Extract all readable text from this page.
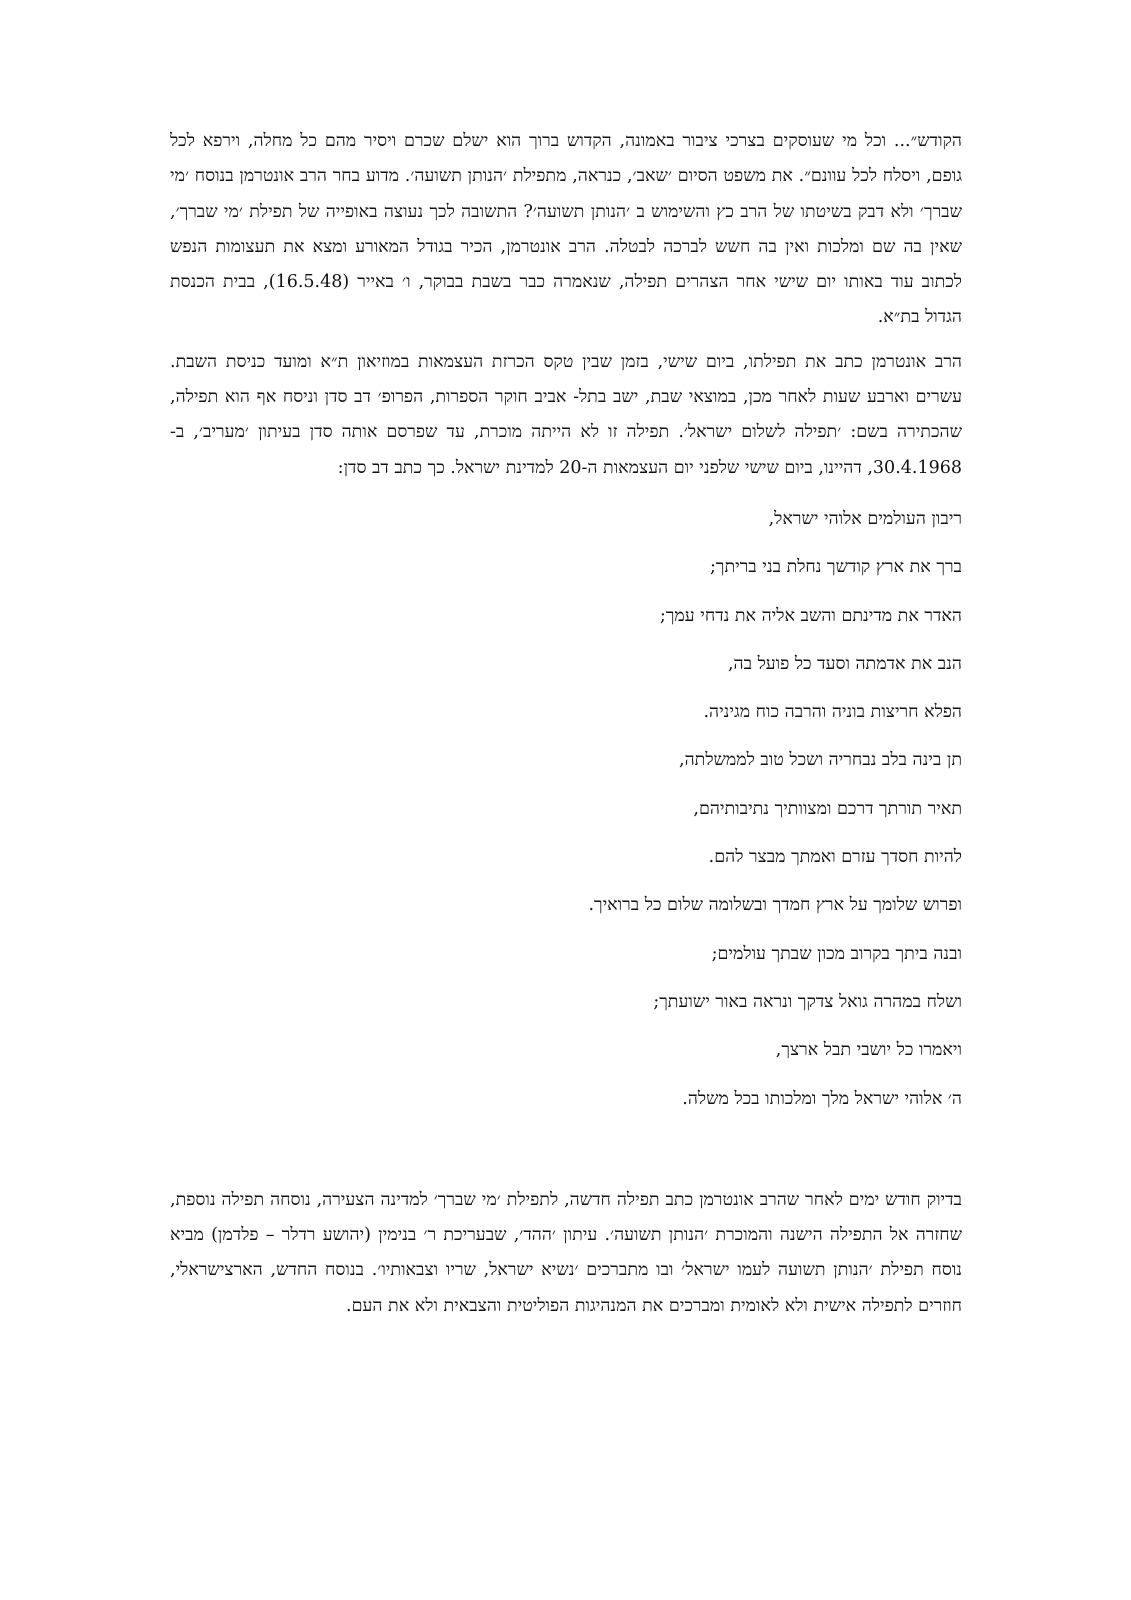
הקודש״... וכל מי שעוסקים בצרכי ציבור באמונה, הקדוש ברוך הוא ישלם שכרם ויסיר מהם כל מחלה, וירפא לכל גופם, ויסלח לכל עוונם״. את משפט הסיום ׳שאב׳, כנראה, מתפילת ׳הנותן תשועה׳. מדוע בחר הרב אונטרמן בנוסח ׳מי שברך׳ ולא דבק בשיטתו של הרב כץ והשימוש ב ׳הנותן תשועה׳? התשובה לכך נעוצה באופייה של תפילת ׳מי שברך׳, שאין בה שם ומלכות ואין בה חשש לברכה לבטלה. הרב אונטרמן, הכיר בגודל המאורע ומצא את תעצומות הנפש לכתוב עוד באותו יום שישי אחר הצהרים תפילה, שנאמרה כבר בשבת בבוקר, ו׳ באייר (16.5.48), בבית הכנסת הגדול בת״א.

הרב אונטרמן כתב את תפילתו, ביום שישי, בזמן שבין טקס הכרזת העצמאות במוזיאון ת״א ומועד כניסת השבת. עשרים וארבע שעות לאחר מכן, במוצאי שבת, ישב בתל- אביב חוקר הספרות, הפרופ׳ דב סדן וניסח אף הוא תפילה, שהכתירה בשם: ׳תפילה לשלום ישראל׳. תפילה זו לא הייתה מוכרת, עד שפרסם אותה סדן בעיתון ׳מעריב׳, ב- 30.4.1968, דהיינו, ביום שישי שלפני יום העצמאות ה-20 למדינת ישראל. כך כתב דב סדן:

ריבון העולמים אלוהי ישראל,
ברך את ארץ קודשך נחלת בני בריתך;
האדר את מדינתם והשב אליה את נדחי עמך;
הנב את אדמתה וסעד כל פועל בה,
הפלא חריצות בוניה והרבה כוח מגיניה.
תן בינה בלב נבחריה ושכל טוב לממשלתה,
תאיר תורתך דרכם ומצוותיך נתיבותיהם,
להיות חסדך עזרם ואמתך מבצר להם.
ופרוש שלומך על ארץ חמדך ובשלומה שלום כל ברואיך.
ובנה ביתך בקרוב מכון שבתך עולמים;
ושלח במהרה גואל צדקך ונראה באור ישועתך;
ויאמרו כל יושבי תבל ארצך,
ה׳ אלוהי ישראל מלך ומלכותו בכל משלה.

בדיוק חודש ימים לאחר שהרב אונטרמן כתב תפילה חדשה, לתפילת ׳מי שברך׳ למדינה הצעירה, נוסחה תפילה נוספת, שחזרה אל התפילה הישנה והמוכרת ׳הנותן תשועה׳. עיתון ׳ההד׳, שבעריכת ר׳ בנימין (יהושע רדלר – פלדמן) מביא נוסח תפילת ׳הנותן תשועה לעמו ישראל׳ ובו מתברכים ׳נשיא ישראל, שריו וצבאותיו׳. בנוסח החדש, הארצישראלי, חוזרים לתפילה אישית ולא לאומית ומברכים את המנהיגות הפוליטית והצבאית ולא את העם.
